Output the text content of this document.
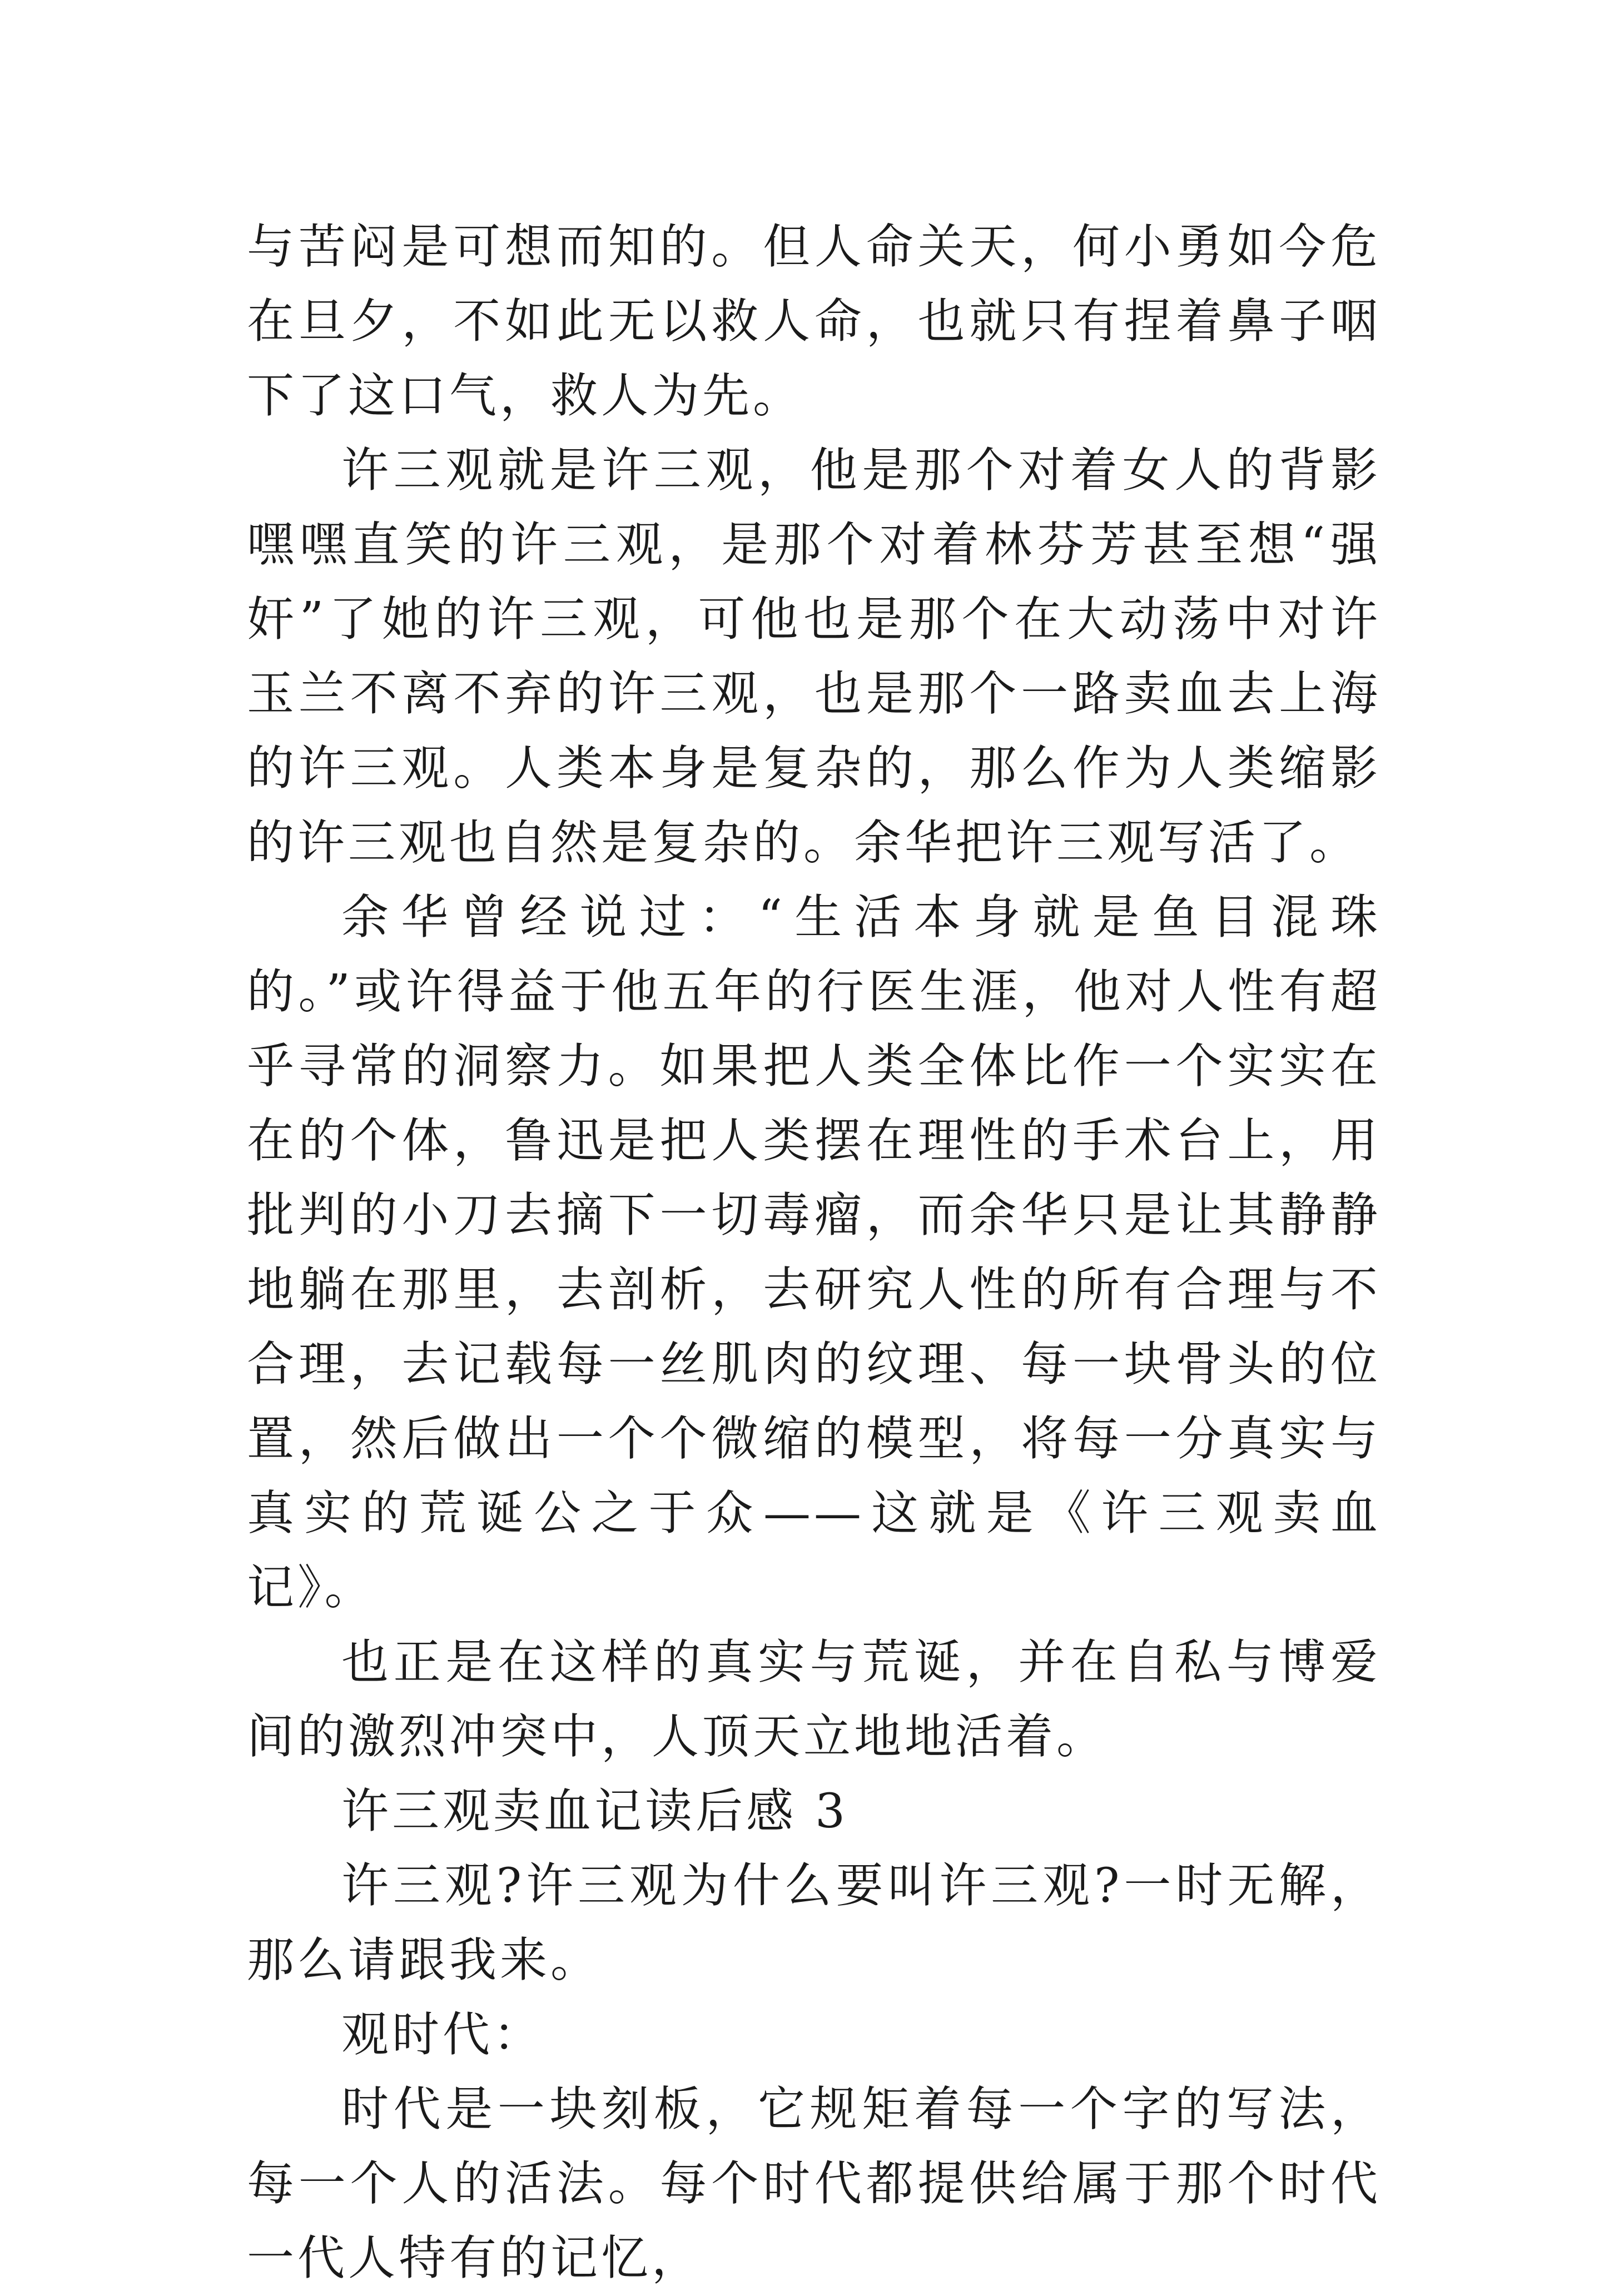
与苦闷是可想而知的。但人命关天，何小勇如今危在旦夕，不如此无以救人命，也就只有捏着鼻子咽下了这口气，救人为先。

许三观就是许三观，他是那个对着女人的背影嘿嘿直笑的许三观，是那个对着林芬芳甚至想“强奸”了她的许三观，可他也是那个在大动荡中对许玉兰不离不弃的许三观，也是那个一路卖血去上海的许三观。人类本身是复杂的，那么作为人类缩影的许三观也自然是复杂的。余华把许三观写活了。

余华曾经说过：“生活本身就是鱼目混珠的。”或许得益于他五年的行医生涯，他对人性有超乎寻常的洞察力。如果把人类全体比作一个实实在在的个体，鲁迅是把人类摆在理性的手术台上，用批判的小刀去摘下一切毒瘤，而余华只是让其静静地躺在那里，去剖析，去研究人性的所有合理与不合理，去记载每一丝肌肉的纹理、每一块骨头的位置，然后做出一个个微缩的模型，将每一分真实与真实的荒诞公之于众——这就是《许三观卖血记》。

也正是在这样的真实与荒诞，并在自私与博爱间的激烈冲突中，人顶天立地地活着。

许三观卖血记读后感 3

许三观?许三观为什么要叫许三观?一时无解，那么请跟我来。

观时代：

时代是一块刻板，它规矩着每一个字的写法，每一个人的活法。每个时代都提供给属于那个时代一代人特有的记忆，
